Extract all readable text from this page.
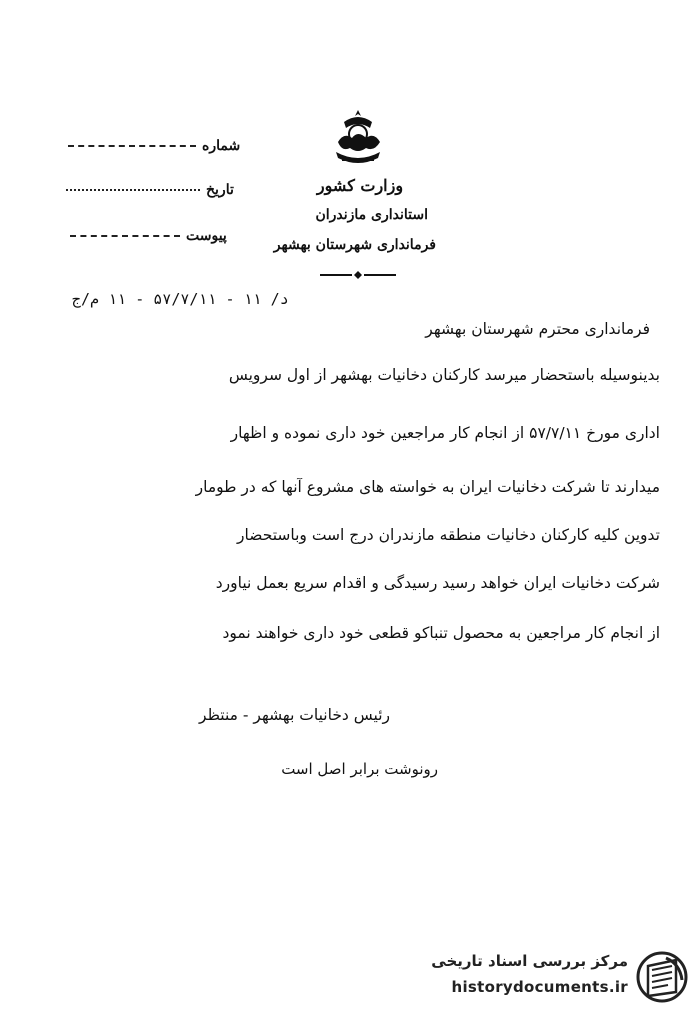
وزارت کشور
استانداری مازندران
فرمانداری شهرستان بهشهر
شماره
تاریخ
پیوست
د/ ۱۱ - ۵۷/۷/۱۱ - ۱۱ م/ج
فرمانداری محترم شهرستان بهشهر
بدینوسیله باستحضار میرسد کارکنان دخانیات بهشهر از اول سرویس
اداری مورخ ۵۷/۷/۱۱ از انجام کار مراجعین خود داری نموده و اظهار
میدارند تا شرکت دخانیات ایران به خواسته های مشروع آنها که در طومار
تدوین کلیه کارکنان دخانیات منطقه مازندران درج است وباستحضار
شرکت دخانیات ایران خواهد رسید رسیدگی و اقدام سریع بعمل نیاورد
از انجام کار مراجعین به محصول تنباکو قطعی خود داری خواهند نمود
رئیس دخانیات بهشهر - منتظر
رونوشت برابر اصل است
مرکز بررسی اسناد تاریخی
historydocuments.ir
